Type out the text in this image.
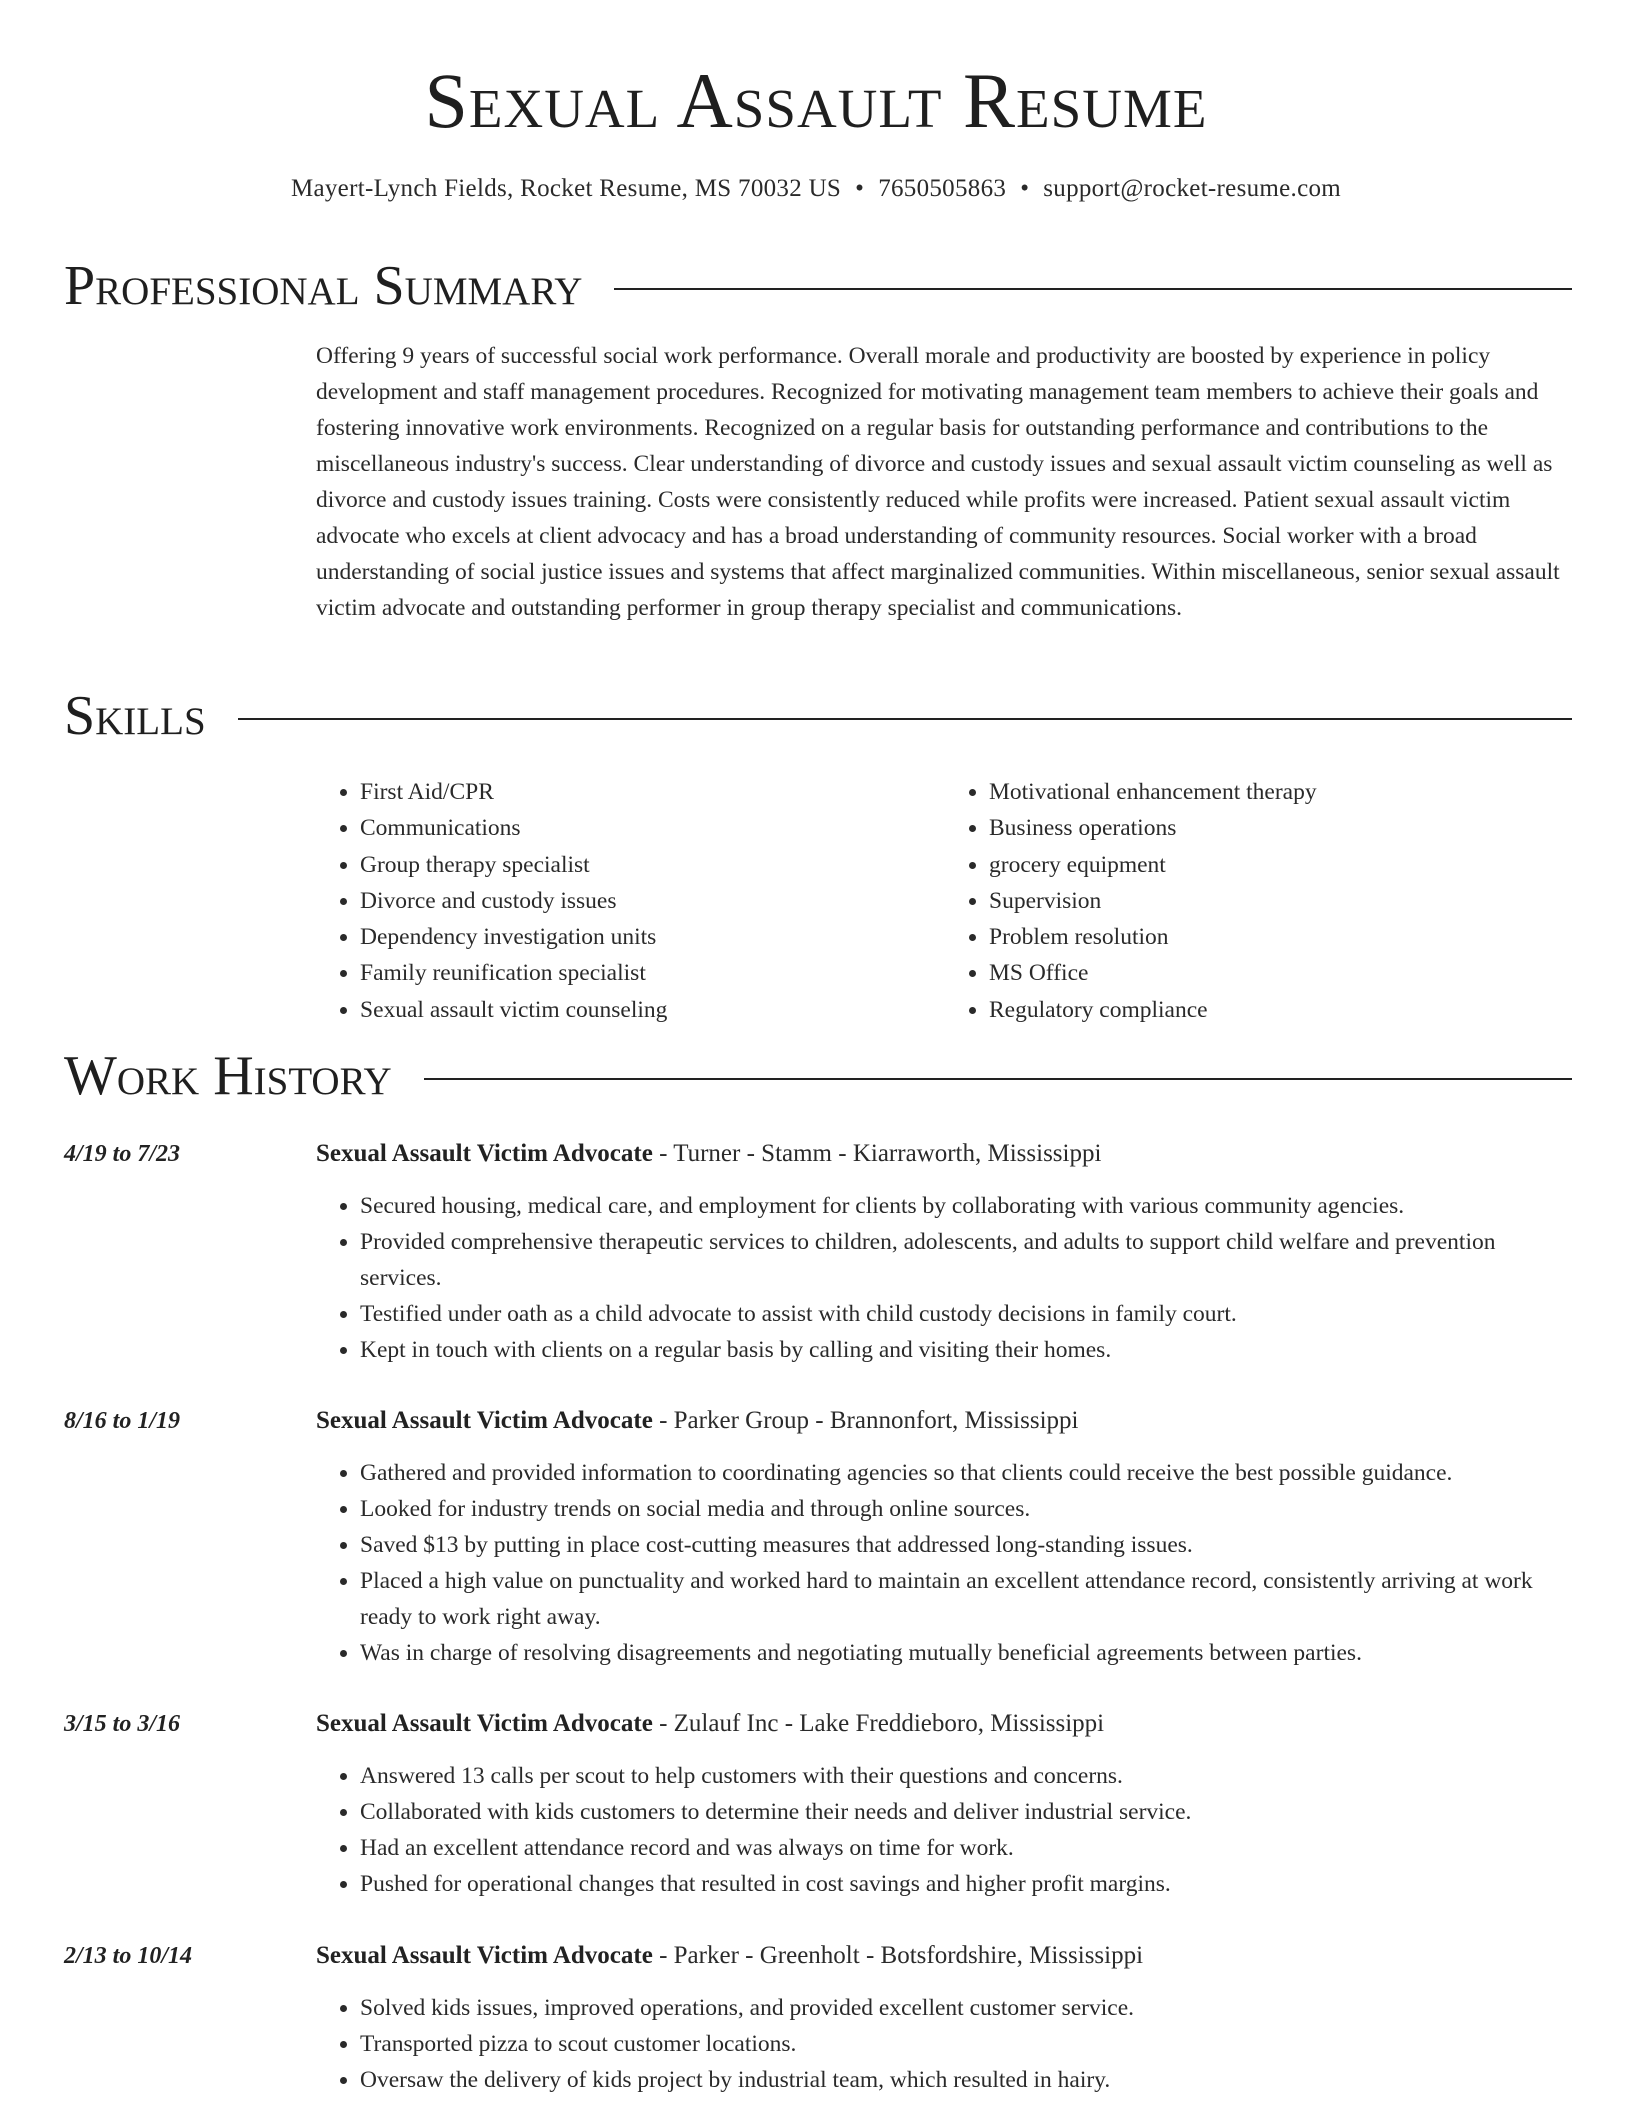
Sexual Assault Resume
Mayert-Lynch Fields, Rocket Resume, MS 70032 US • 7650505863 • support@rocket-resume.com
Professional Summary
Offering 9 years of successful social work performance. Overall morale and productivity are boosted by experience in policy development and staff management procedures. Recognized for motivating management team members to achieve their goals and fostering innovative work environments. Recognized on a regular basis for outstanding performance and contributions to the miscellaneous industry's success. Clear understanding of divorce and custody issues and sexual assault victim counseling as well as divorce and custody issues training. Costs were consistently reduced while profits were increased. Patient sexual assault victim advocate who excels at client advocacy and has a broad understanding of community resources. Social worker with a broad understanding of social justice issues and systems that affect marginalized communities. Within miscellaneous, senior sexual assault victim advocate and outstanding performer in group therapy specialist and communications.
Skills
• First Aid/CPR
• Communications
• Group therapy specialist
• Divorce and custody issues
• Dependency investigation units
• Family reunification specialist
• Sexual assault victim counseling
• Motivational enhancement therapy
• Business operations
• grocery equipment
• Supervision
• Problem resolution
• MS Office
• Regulatory compliance
Work History
4/19 to 7/23	Sexual Assault Victim Advocate - Turner - Stamm - Kiarraworth, Mississippi
• Secured housing, medical care, and employment for clients by collaborating with various community agencies.
• Provided comprehensive therapeutic services to children, adolescents, and adults to support child welfare and prevention services.
• Testified under oath as a child advocate to assist with child custody decisions in family court.
• Kept in touch with clients on a regular basis by calling and visiting their homes.
8/16 to 1/19	Sexual Assault Victim Advocate - Parker Group - Brannonfort, Mississippi
• Gathered and provided information to coordinating agencies so that clients could receive the best possible guidance.
• Looked for industry trends on social media and through online sources.
• Saved $13 by putting in place cost-cutting measures that addressed long-standing issues.
• Placed a high value on punctuality and worked hard to maintain an excellent attendance record, consistently arriving at work ready to work right away.
• Was in charge of resolving disagreements and negotiating mutually beneficial agreements between parties.
3/15 to 3/16	Sexual Assault Victim Advocate - Zulauf Inc - Lake Freddieboro, Mississippi
• Answered 13 calls per scout to help customers with their questions and concerns.
• Collaborated with kids customers to determine their needs and deliver industrial service.
• Had an excellent attendance record and was always on time for work.
• Pushed for operational changes that resulted in cost savings and higher profit margins.
2/13 to 10/14	Sexual Assault Victim Advocate - Parker - Greenholt - Botsfordshire, Mississippi
• Solved kids issues, improved operations, and provided excellent customer service.
• Transported pizza to scout customer locations.
• Oversaw the delivery of kids project by industrial team, which resulted in hairy.
